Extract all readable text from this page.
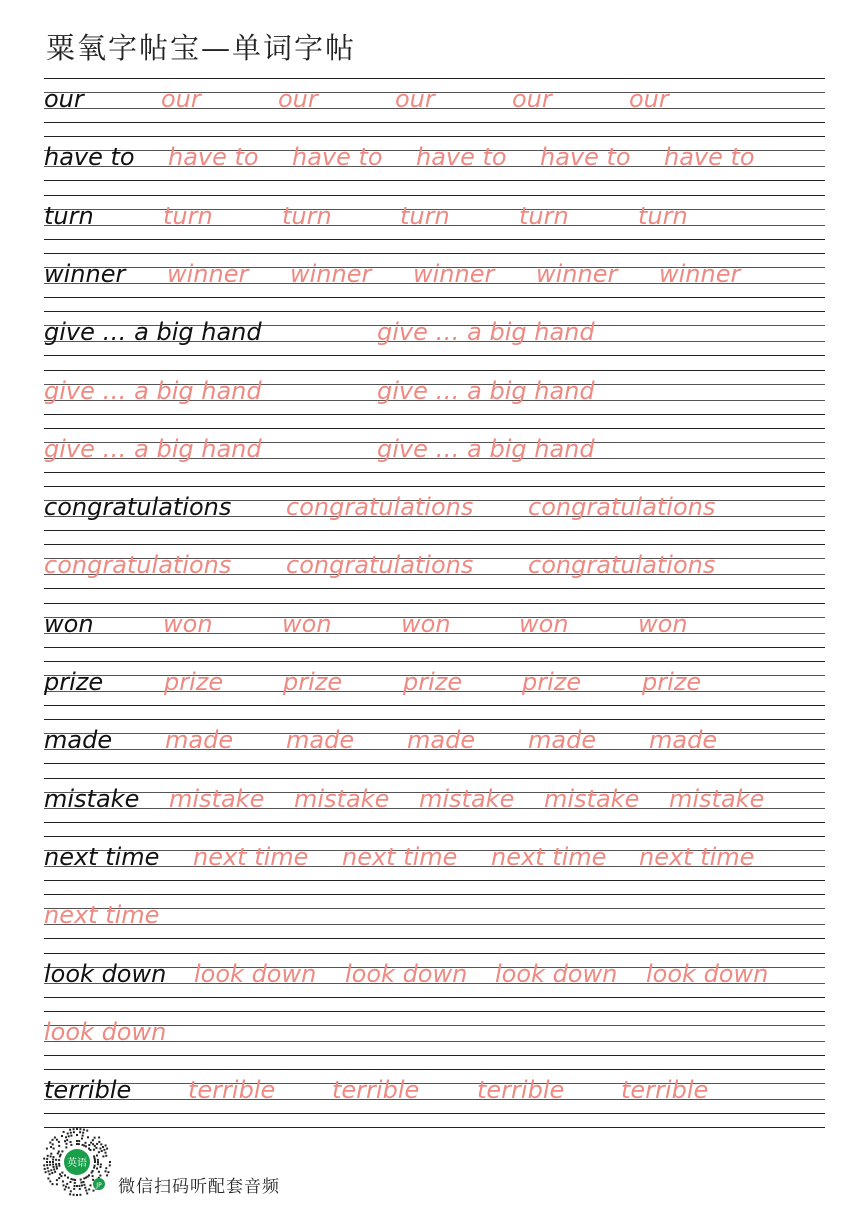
粟氧字帖宝—单词字帖
our	our	our	our	our	our
have to have to have to have to have to have to
turn	turn	turn	turn	turn	turn
winner winner winner winner winner winner
give … a big hand	give … a big hand
give … a big hand	give … a big hand
give … a big hand	give … a big hand
congratulations congratulations congratulations
congratulations congratulations congratulations
won	won	won	won	won	won
prize	prize prize	prize prize	prize
made made made made made made
mistake mistake mistake mistake mistake mistake
next time next time next time next time next time
next time
look down look down look down look down look down
look down
terrible terrible terrible terrible terrible
英语
JP 微信扫码听配套音频
